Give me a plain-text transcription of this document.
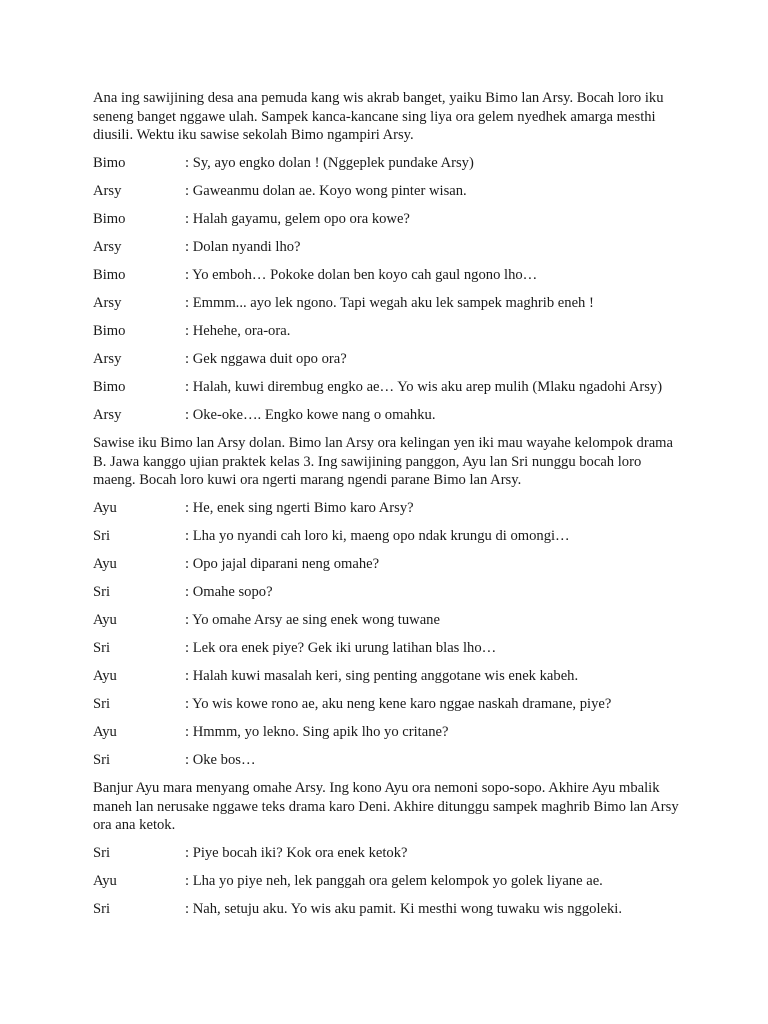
Ana ing sawijining desa ana pemuda kang wis akrab banget, yaiku Bimo lan Arsy. Bocah loro iku seneng banget nggawe ulah. Sampek kanca-kancane sing liya ora gelem nyedhek amarga mesthi diusili. Wektu iku sawise sekolah Bimo ngampiri Arsy.

Bimo	: Sy, ayo engko dolan ! (Nggeplek pundake Arsy)
Arsy	: Gaweanmu dolan ae. Koyo wong pinter wisan.
Bimo	: Halah gayamu, gelem opo ora kowe?
Arsy	: Dolan nyandi lho?
Bimo	: Yo emboh… Pokoke dolan ben koyo cah gaul ngono lho…
Arsy	: Emmm... ayo lek ngono. Tapi wegah aku lek sampek maghrib eneh !
Bimo	: Hehehe, ora-ora.
Arsy	: Gek nggawa duit opo ora?
Bimo	: Halah, kuwi dirembug engko ae… Yo wis aku arep mulih (Mlaku ngadohi Arsy)
Arsy	: Oke-oke…. Engko kowe nang o omahku.

Sawise iku Bimo lan Arsy dolan. Bimo lan Arsy ora kelingan yen iki mau wayahe kelompok drama B. Jawa kanggo ujian praktek kelas 3. Ing sawijining panggon, Ayu lan Sri nunggu bocah loro maeng. Bocah loro kuwi ora ngerti marang ngendi parane Bimo lan Arsy.

Ayu	: He, enek sing ngerti Bimo karo Arsy?
Sri	: Lha yo nyandi cah loro ki, maeng opo ndak krungu di omongi…
Ayu	: Opo jajal diparani neng omahe?
Sri	: Omahe sopo?
Ayu	: Yo omahe Arsy ae sing enek wong tuwane
Sri	: Lek ora enek piye? Gek iki urung latihan blas lho…
Ayu	: Halah kuwi masalah keri, sing penting anggotane wis enek kabeh.
Sri	: Yo wis kowe rono ae, aku neng kene karo nggae naskah dramane, piye?
Ayu	: Hmmm, yo lekno. Sing apik lho yo critane?
Sri	: Oke bos…

Banjur Ayu mara menyang omahe Arsy. Ing kono Ayu ora nemoni sopo-sopo. Akhire Ayu mbalik maneh lan nerusake nggawe teks drama karo Deni. Akhire ditunggu sampek maghrib Bimo lan Arsy ora ana ketok.

Sri	: Piye bocah iki? Kok ora enek ketok?
Ayu	: Lha yo piye neh, lek panggah ora gelem kelompok yo golek liyane ae.
Sri	: Nah, setuju aku. Yo wis aku pamit. Ki mesthi wong tuwaku wis nggoleki.
